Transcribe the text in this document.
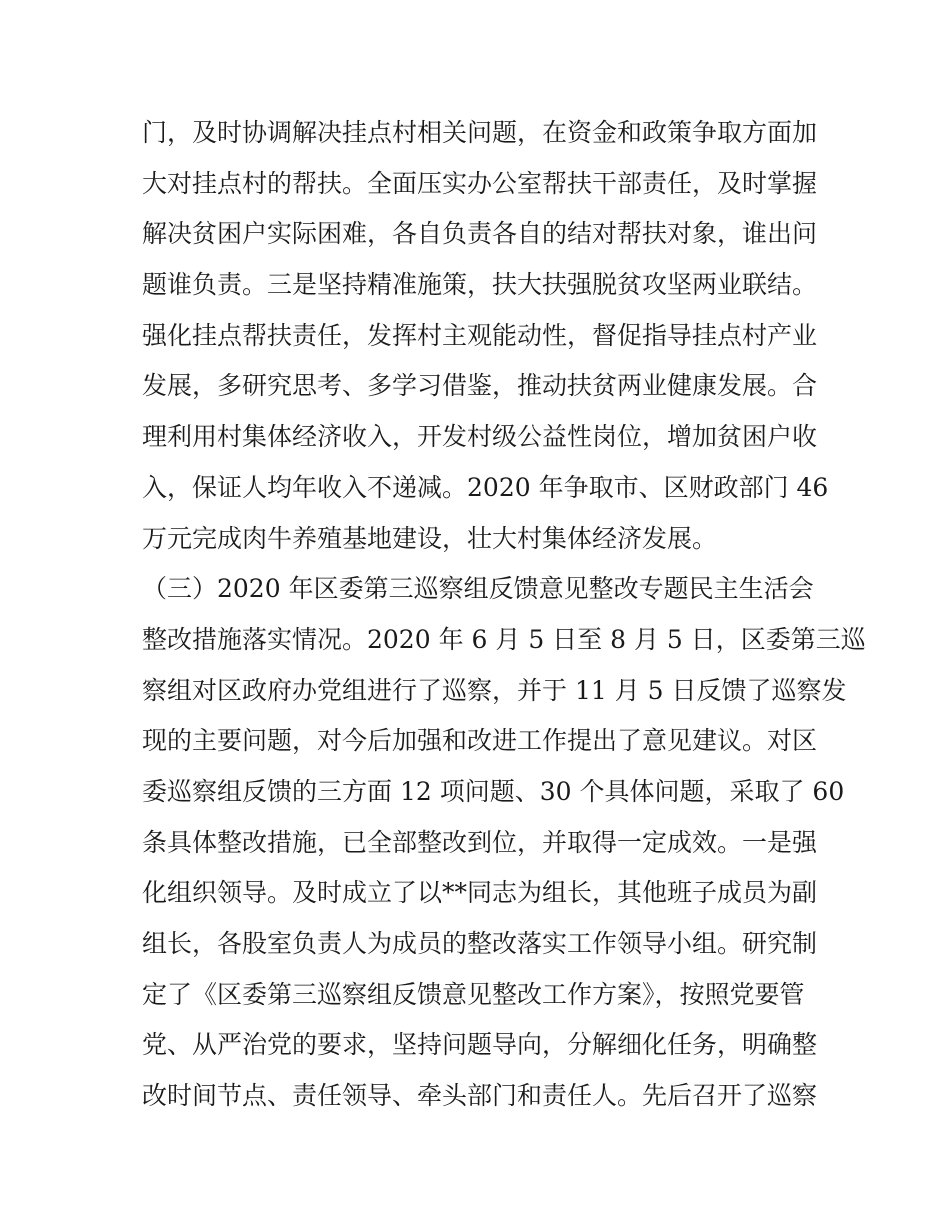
门，及时协调解决挂点村相关问题，在资金和政策争取方面加
大对挂点村的帮扶。全面压实办公室帮扶干部责任，及时掌握
解决贫困户实际困难，各自负责各自的结对帮扶对象，谁出问
题谁负责。三是坚持精准施策，扶大扶强脱贫攻坚两业联结。
强化挂点帮扶责任，发挥村主观能动性，督促指导挂点村产业
发展，多研究思考、多学习借鉴，推动扶贫两业健康发展。合
理利用村集体经济收入，开发村级公益性岗位，增加贫困户收
入，保证人均年收入不递减。2020 年争取市、区财政部门 46
万元完成肉牛养殖基地建设，壮大村集体经济发展。
（三）2020 年区委第三巡察组反馈意见整改专题民主生活会
整改措施落实情况。2020 年 6 月 5 日至 8 月 5 日，区委第三巡
察组对区政府办党组进行了巡察，并于 11 月 5 日反馈了巡察发
现的主要问题，对今后加强和改进工作提出了意见建议。对区
委巡察组反馈的三方面 12 项问题、30 个具体问题，采取了 60
条具体整改措施，已全部整改到位，并取得一定成效。一是强
化组织领导。及时成立了以**同志为组长，其他班子成员为副
组长，各股室负责人为成员的整改落实工作领导小组。研究制
定了《区委第三巡察组反馈意见整改工作方案》，按照党要管
党、从严治党的要求，坚持问题导向，分解细化任务，明确整
改时间节点、责任领导、牵头部门和责任人。先后召开了巡察
